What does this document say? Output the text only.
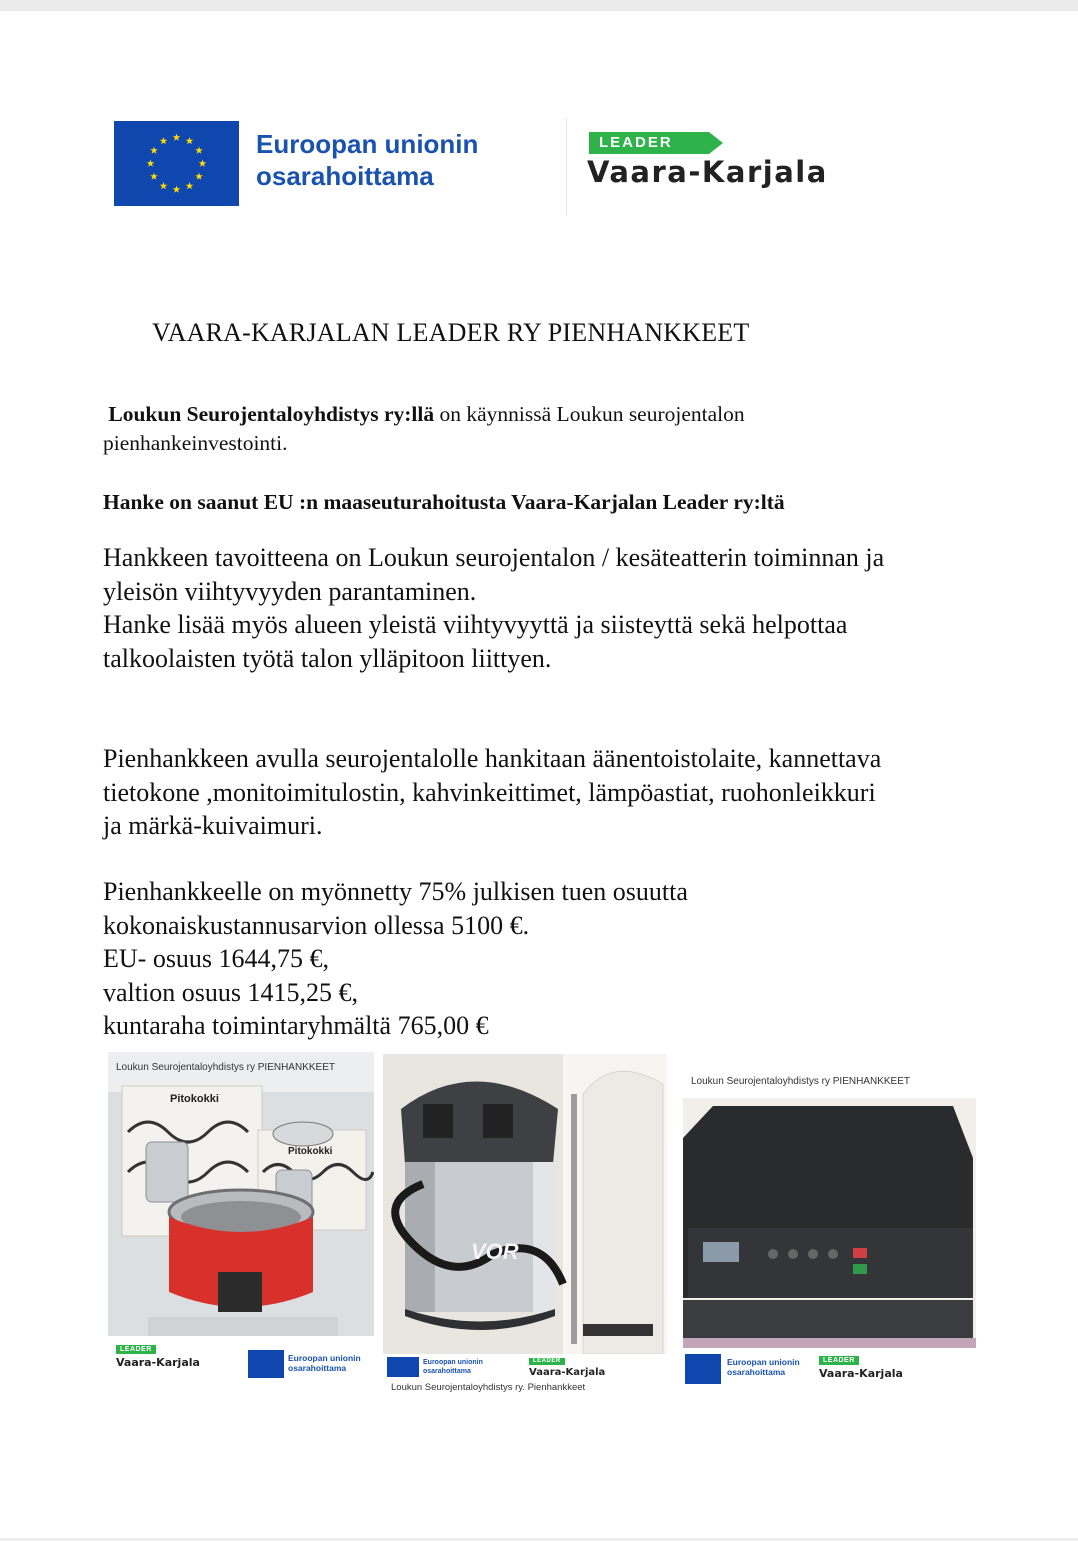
Euroopan unionin
osarahoittama
LEADER
Vaara-Karjala
VAARA-KARJALAN LEADER RY PIENHANKKEET
Loukun Seurojentaloyhdistys ry:llä on käynnissä Loukun seurojentalon
pienhankeinvestointi.
Hanke on saanut EU :n maaseuturahoitusta Vaara-Karjalan Leader ry:ltä
Hankkeen tavoitteena on Loukun seurojentalon / kesäteatterin toiminnan ja
yleisön viihtyvyyden parantaminen.
Hanke lisää myös alueen yleistä viihtyvyyttä ja siisteyttä sekä helpottaa
talkoolaisten työtä talon ylläpitoon liittyen.
Pienhankkeen avulla seurojentalolle hankitaan äänentoistolaite, kannettava
tietokone ,monitoimitulostin, kahvinkeittimet, lämpöastiat, ruohonleikkuri
ja märkä-kuivaimuri.
Pienhankkeelle on myönnetty 75% julkisen tuen osuutta
kokonaiskustannusarvion ollessa 5100 €.
EU- osuus 1644,75 €,
valtion osuus 1415,25 €,
kuntaraha toimintaryhmältä 765,00 €
Pitokokki
Pitokokki
Loukun Seurojentaloyhdistys ry PIENHANKKEET
LEADER
Vaara-Karjala	Euroopan unionin
osarahoittama
VOR
Euroopan unionin
osarahoittama
LEADER
Vaara-Karjala
Loukun Seurojentaloyhdistys ry. Pienhankkeet
Loukun Seurojentaloyhdistys ry PIENHANKKEET
Euroopan unionin
osarahoittama
LEADER
Vaara-Karjala
